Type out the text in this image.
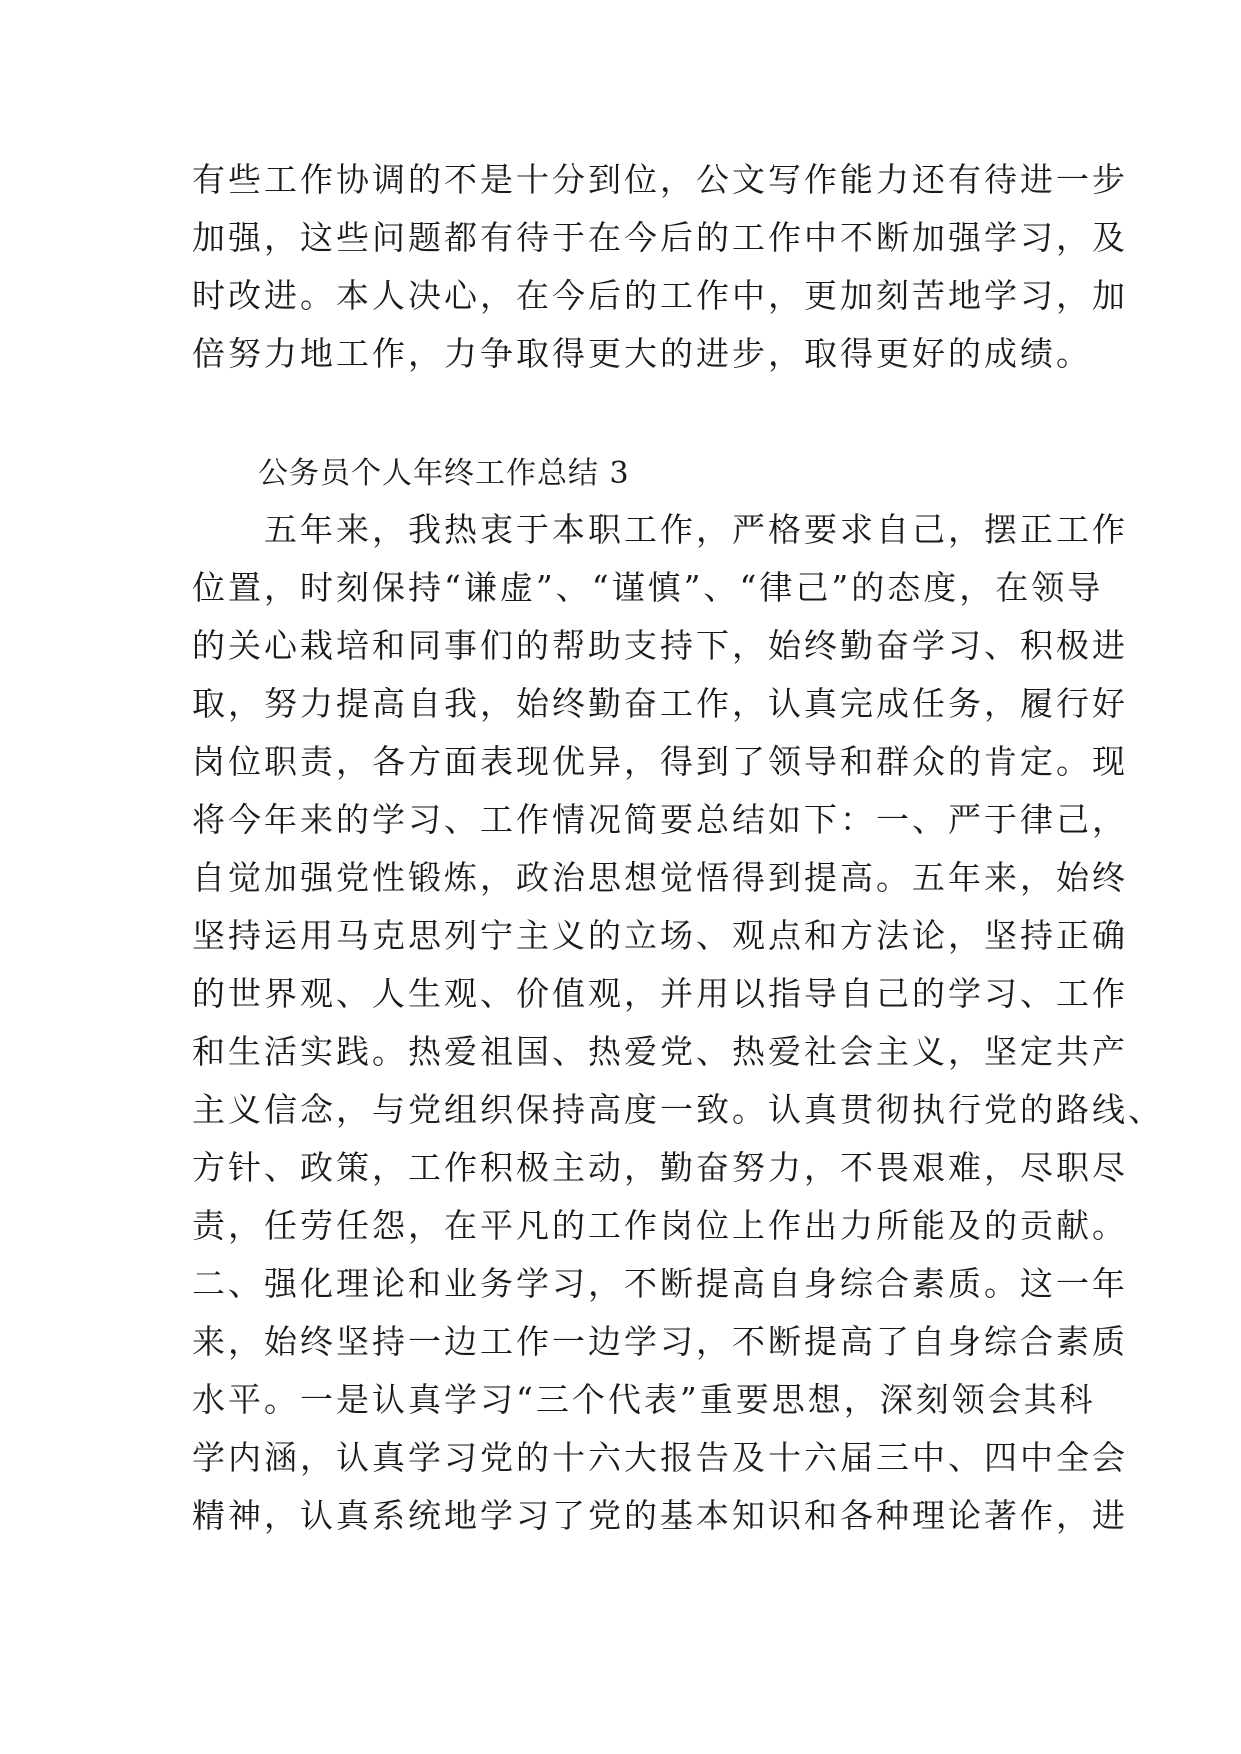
有些工作协调的不是十分到位，公文写作能力还有待进一步
加强，这些问题都有待于在今后的工作中不断加强学习，及
时改进。本人决心，在今后的工作中，更加刻苦地学习，加
倍努力地工作，力争取得更大的进步，取得更好的成绩。
公务员个人年终工作总结 3
　　五年来，我热衷于本职工作，严格要求自己，摆正工作
位置，时刻保持“谦虚”、“谨慎”、“律己”的态度，在领导
的关心栽培和同事们的帮助支持下，始终勤奋学习、积极进
取，努力提高自我，始终勤奋工作，认真完成任务，履行好
岗位职责，各方面表现优异，得到了领导和群众的肯定。现
将今年来的学习、工作情况简要总结如下：一、严于律己，
自觉加强党性锻炼，政治思想觉悟得到提高。五年来，始终
坚持运用马克思列宁主义的立场、观点和方法论，坚持正确
的世界观、人生观、价值观，并用以指导自己的学习、工作
和生活实践。热爱祖国、热爱党、热爱社会主义，坚定共产
主义信念，与党组织保持高度一致。认真贯彻执行党的路线、
方针、政策，工作积极主动，勤奋努力，不畏艰难，尽职尽
责，任劳任怨，在平凡的工作岗位上作出力所能及的贡献。
二、强化理论和业务学习，不断提高自身综合素质。这一年
来，始终坚持一边工作一边学习，不断提高了自身综合素质
水平。一是认真学习“三个代表”重要思想，深刻领会其科
学内涵，认真学习党的十六大报告及十六届三中、四中全会
精神，认真系统地学习了党的基本知识和各种理论著作，进
